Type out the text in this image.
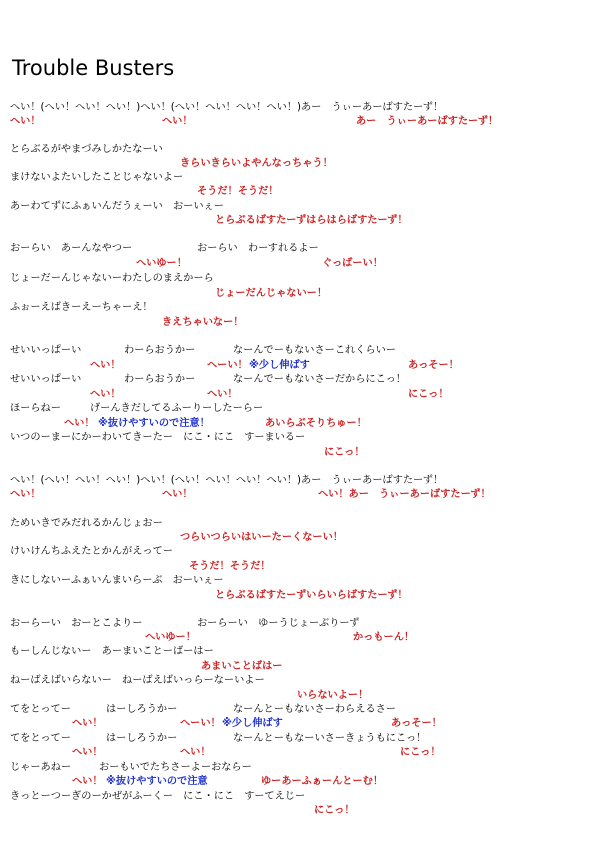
Trouble Busters
へい！(へい！へい！へい！)へい！(へい！へい！へい！へい！)あー　うぃーあーばすたーず！
へい！	へい！	あー　うぃーあーばすたーず！
とらぶるがやまづみしかたなーい
きらいきらいよやんなっちゃう！
まけないよたいしたことじゃないよー
そうだ！そうだ！
あーわてずにふぁいんだうぇーい　おーいぇー
とらぶるばすたーずはらはらばすたーず！
おーらい　あーんなやつー	おーらい　わーすれるよー
へいゆー！	ぐっばーい！
じょーだーんじゃないーわたしのまえかーら
じょーだんじゃないー！
ふぉーえばきーえーちゃーえ！
きえちゃいなー！
せいいっぱーい	わーらおうかー	なーんでーもないさーこれくらいー
へい！	へーい！ ※少し伸ばす	あっそー！
せいいっぱーい	わーらおうかー	なーんでーもないさーだからにこっ！
へい！	へい！	にこっ！
ほーらねー	げーんきだしてるふーりーしたーらー
へい！ ※抜けやすいので注意！	あいらぶそりちゅー！
いつのーまーにかーわいてきーたー　にこ・にこ　すーまいるー
にこっ！
へい！(へい！へい！へい！)へい！(へい！へい！へい！へい！)あー　うぃーあーばすたーず！
へい！	へい！	へい！あー　うぃーあーばすたーず！
ためいきでみだれるかんじょおー
つらいつらいはいーたーくなーい！
けいけんちふえたとかんがえってー
そうだ！そうだ！
きにしないーふぁいんまいらーぶ　おーいぇー
とらぶるばすたーずいらいらばすたーず！
おーらーい　おーとこよりー	おーらーい　ゆーうじょーぶりーず
へいゆー！	かっもーん！
もーしんじないー　あーまいことーばーはー
あまいことばはー
ねーばえばいらないー　ねーばえばいっらーなーいよー
いらないよー！
てをとってー	はーしろうかー	なーんとーもないさーわらえるさー
へい！	へーい！ ※少し伸ばす	あっそー！
てをとってー	はーしろうかー	なーんとーもなーいさーきょうもにこっ！
へい！	へい！	にこっ！
じゃーあねー	おーもいでたちさーよーおならー
へい！ ※抜けやすいので注意	ゆーあーふぁーんとーむ！
きっとーつーぎのーかぜがふーくー　にこ・にこ　すーてえじー
にこっ！
